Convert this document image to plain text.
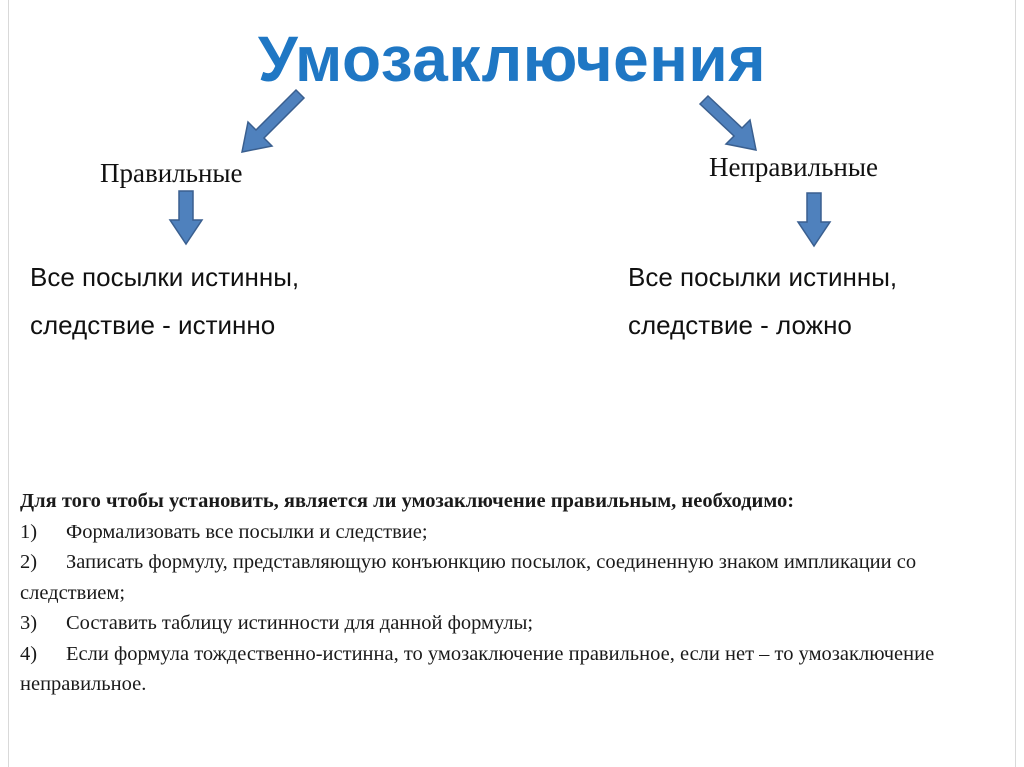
Умозаключения
Правильные	Неправильные
Все посылки истинны,
следствие - истинно
Все посылки истинны,
следствие - ложно
Для того чтобы установить, является ли умозаключение правильным, необходимо:
1) Формализовать все посылки и следствие;
2) Записать формулу, представляющую конъюнкцию посылок, соединенную знаком импликации со следствием;
3) Составить таблицу истинности для данной формулы;
4) Если формула тождественно-истинна, то умозаключение правильное, если нет – то умозаключение неправильное.
